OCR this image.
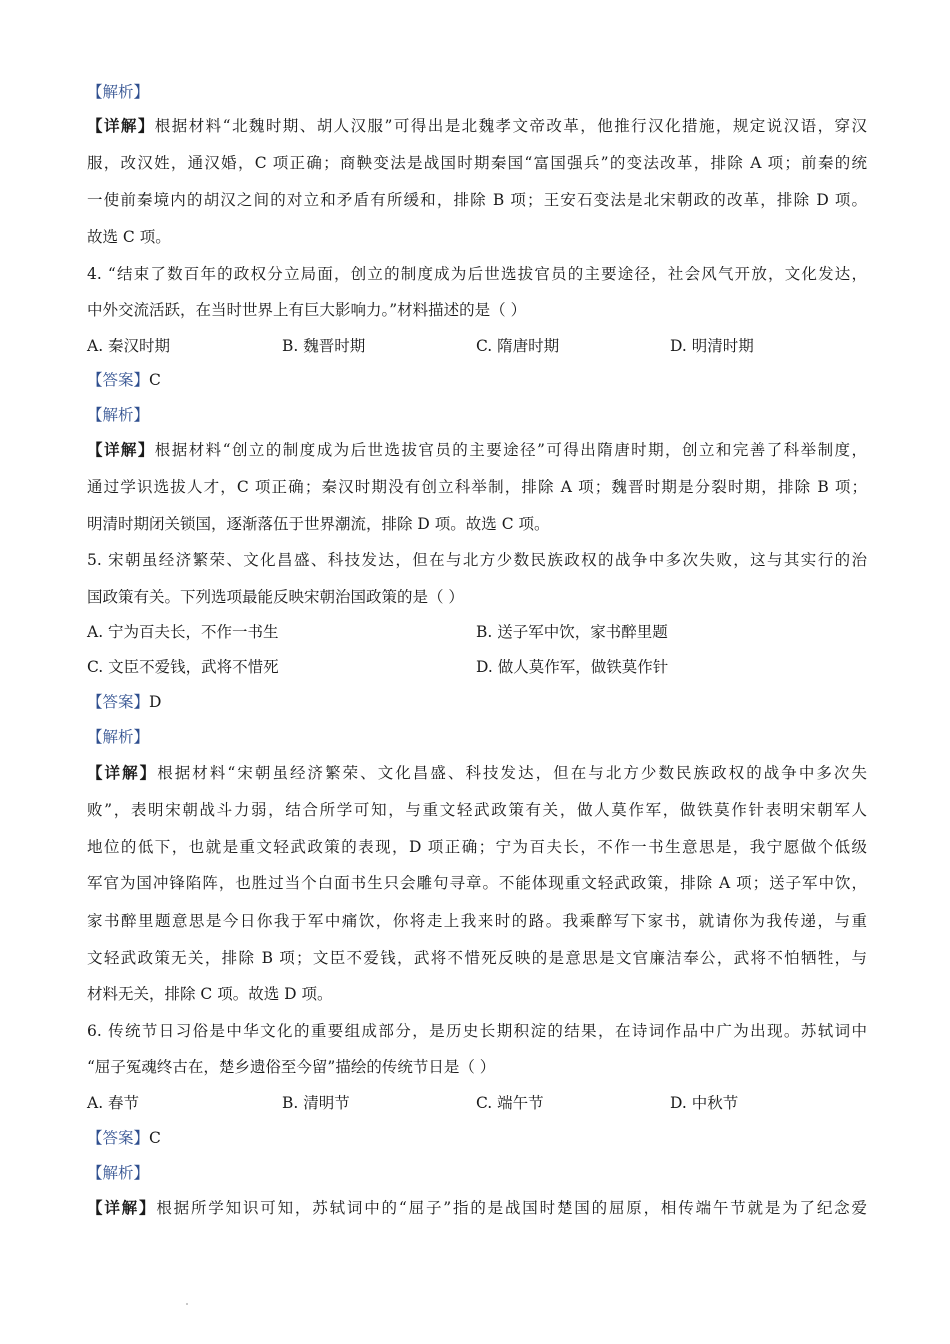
【解析】
【详解】根据材料“北魏时期、胡人汉服”可得出是北魏孝文帝改革，他推行汉化措施，规定说汉语，穿汉
服，改汉姓，通汉婚，C 项正确；商鞅变法是战国时期秦国“富国强兵”的变法改革，排除 A 项；前秦的统
一使前秦境内的胡汉之间的对立和矛盾有所缓和，排除 B 项；王安石变法是北宋朝政的改革，排除 D 项。
故选 C 项。
4. “结束了数百年的政权分立局面，创立的制度成为后世选拔官员的主要途径，社会风气开放，文化发达，
中外交流活跃，在当时世界上有巨大影响力。”材料描述的是（ ）
A. 秦汉时期	B. 魏晋时期	C. 隋唐时期	D. 明清时期
【答案】C
【解析】
【详解】根据材料“创立的制度成为后世选拔官员的主要途径”可得出隋唐时期，创立和完善了科举制度，
通过学识选拔人才，C 项正确；秦汉时期没有创立科举制，排除 A 项；魏晋时期是分裂时期，排除 B 项；
明清时期闭关锁国，逐渐落伍于世界潮流，排除 D 项。故选 C 项。
5. 宋朝虽经济繁荣、文化昌盛、科技发达，但在与北方少数民族政权的战争中多次失败，这与其实行的治
国政策有关。下列选项最能反映宋朝治国政策的是（ ）
A. 宁为百夫长，不作一书生	B. 送子军中饮，家书醉里题
C. 文臣不爱钱，武将不惜死	D. 做人莫作军，做铁莫作针
【答案】D
【解析】
【详解】根据材料“宋朝虽经济繁荣、文化昌盛、科技发达，但在与北方少数民族政权的战争中多次失
败”，表明宋朝战斗力弱，结合所学可知，与重文轻武政策有关，做人莫作军，做铁莫作针表明宋朝军人
地位的低下，也就是重文轻武政策的表现，D 项正确；宁为百夫长，不作一书生意思是，我宁愿做个低级
军官为国冲锋陷阵，也胜过当个白面书生只会雕句寻章。不能体现重文轻武政策，排除 A 项；送子军中饮，
家书醉里题意思是今日你我于军中痛饮，你将走上我来时的路。我乘醉写下家书，就请你为我传递，与重
文轻武政策无关，排除 B 项；文臣不爱钱，武将不惜死反映的是意思是文官廉洁奉公，武将不怕牺牲，与
材料无关，排除 C 项。故选 D 项。
6. 传统节日习俗是中华文化的重要组成部分，是历史长期积淀的结果，在诗词作品中广为出现。苏轼词中
“屈子冤魂终古在，楚乡遗俗至今留”描绘的传统节日是（ ）
A. 春节	B. 清明节	C. 端午节	D. 中秋节
【答案】C
【解析】
【详解】根据所学知识可知，苏轼词中的“屈子”指的是战国时楚国的屈原，相传端午节就是为了纪念爱
